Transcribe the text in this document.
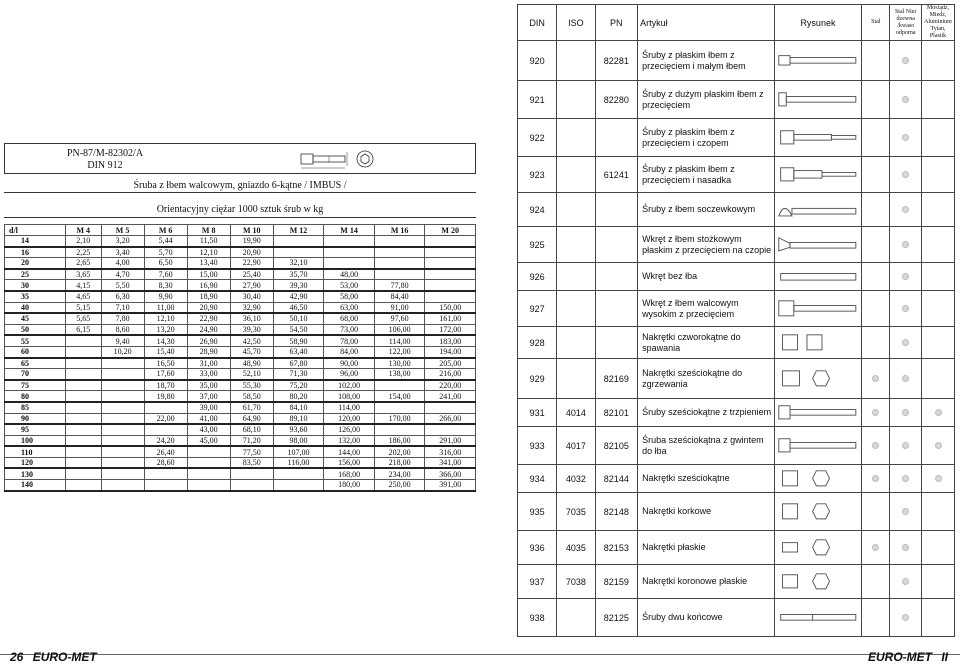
PN-87/M-82302/A
DIN 912
Śruba z łbem walcowym, gniazdo 6-kątne / IMBUS /
Orientacyjny ciężar 1000 sztuk śrub w kg
d/l	M 4	M 5	M 6	M 8	M 10	M 12	M 14	M 16	M 20
14	2,10	3,20	5,44	11,50	19,90				
16	2,25	3,40	5,70	12,10	20,90				
20	2,65	4,00	6,50	13,40	22,90	32,10			
25	3,65	4,70	7,60	15,00	25,40	35,70	48,00		
30	4,15	5,50	8,30	16,90	27,90	39,30	53,00	77,80	
35	4,65	6,30	9,90	18,90	30,40	42,90	58,00	84,40	
40	5,15	7,10	11,00	20,90	32,90	46,50	63,00	91,00	150,00
45	5,65	7,80	12,10	22,90	36,10	50,10	68,00	97,60	161,00
50	6,15	8,60	13,20	24,90	39,30	54,50	73,00	106,00	172,00
55		9,40	14,30	26,90	42,50	58,90	78,00	114,00	183,00
60		10,20	15,40	28,90	45,70	63,40	84,00	122,00	194,00
65			16,50	31,00	48,90	67,80	90,00	130,00	205,00
70			17,60	33,00	52,10	71,30	96,00	138,00	216,00
75			18,70	35,00	55,30	75,20	102,00		220,00
80			19,80	37,00	58,50	80,20	108,00	154,00	241,00
85				39,00	61,70	84,10	114,00		
90			22,00	41,00	64,90	89,10	120,00	170,00	266,00
95				43,00	68,10	93,60	126,00		
100			24,20	45,00	71,20	98,00	132,00	186,00	291,00
110			26,40		77,50	107,00	144,00	202,00	316,00
120			28,60		83,50	116,00	156,00	218,00	341,00
130							168,00	234,00	366,00
140							180,00	250,00	391,00
DIN	ISO	PN	Artykuł	Rysunek	Stal	Stal Nier dzewna /kwaso odporna	Mosiądz, Miedz, Aluminium Tytan, Plastik
920		82281	Śruby z płaskim łbem z przecięciem i małym łbem	

921		82280	Śruby z dużym płaskim łbem z przecięciem	

922			Śruby z płaskim łbem z przecięciem i czopem	

923		61241	Śruby z płaskim łbem z przecięciem i nasadka	

924			Śruby z łbem soczewkowym	

925			Wkręt z łbem stożkowym płaskim z przecięciem na czopie	

926			Wkręt bez łba	

927			Wkręt z łbem walcowym wysokim z przecięciem	

928			Nakrętki czworokątne do spawania	

929		82169	Nakrętki sześciokątne do zgrzewania	

931	4014	82101	Śruby sześciokątne z trzpieniem	

933	4017	82105	Śruba sześciokątna z gwintem do łba	

934	4032	82144	Nakrętki sześciokątne	

935	7035	82148	Nakrętki korkowe	

936	4035	82153	Nakrętki płaskie	

937	7038	82159	Nakrętki koronowe płaskie	

938		82125	Śruby dwu końcowe	

26 EURO-MET	EURO-MET II
